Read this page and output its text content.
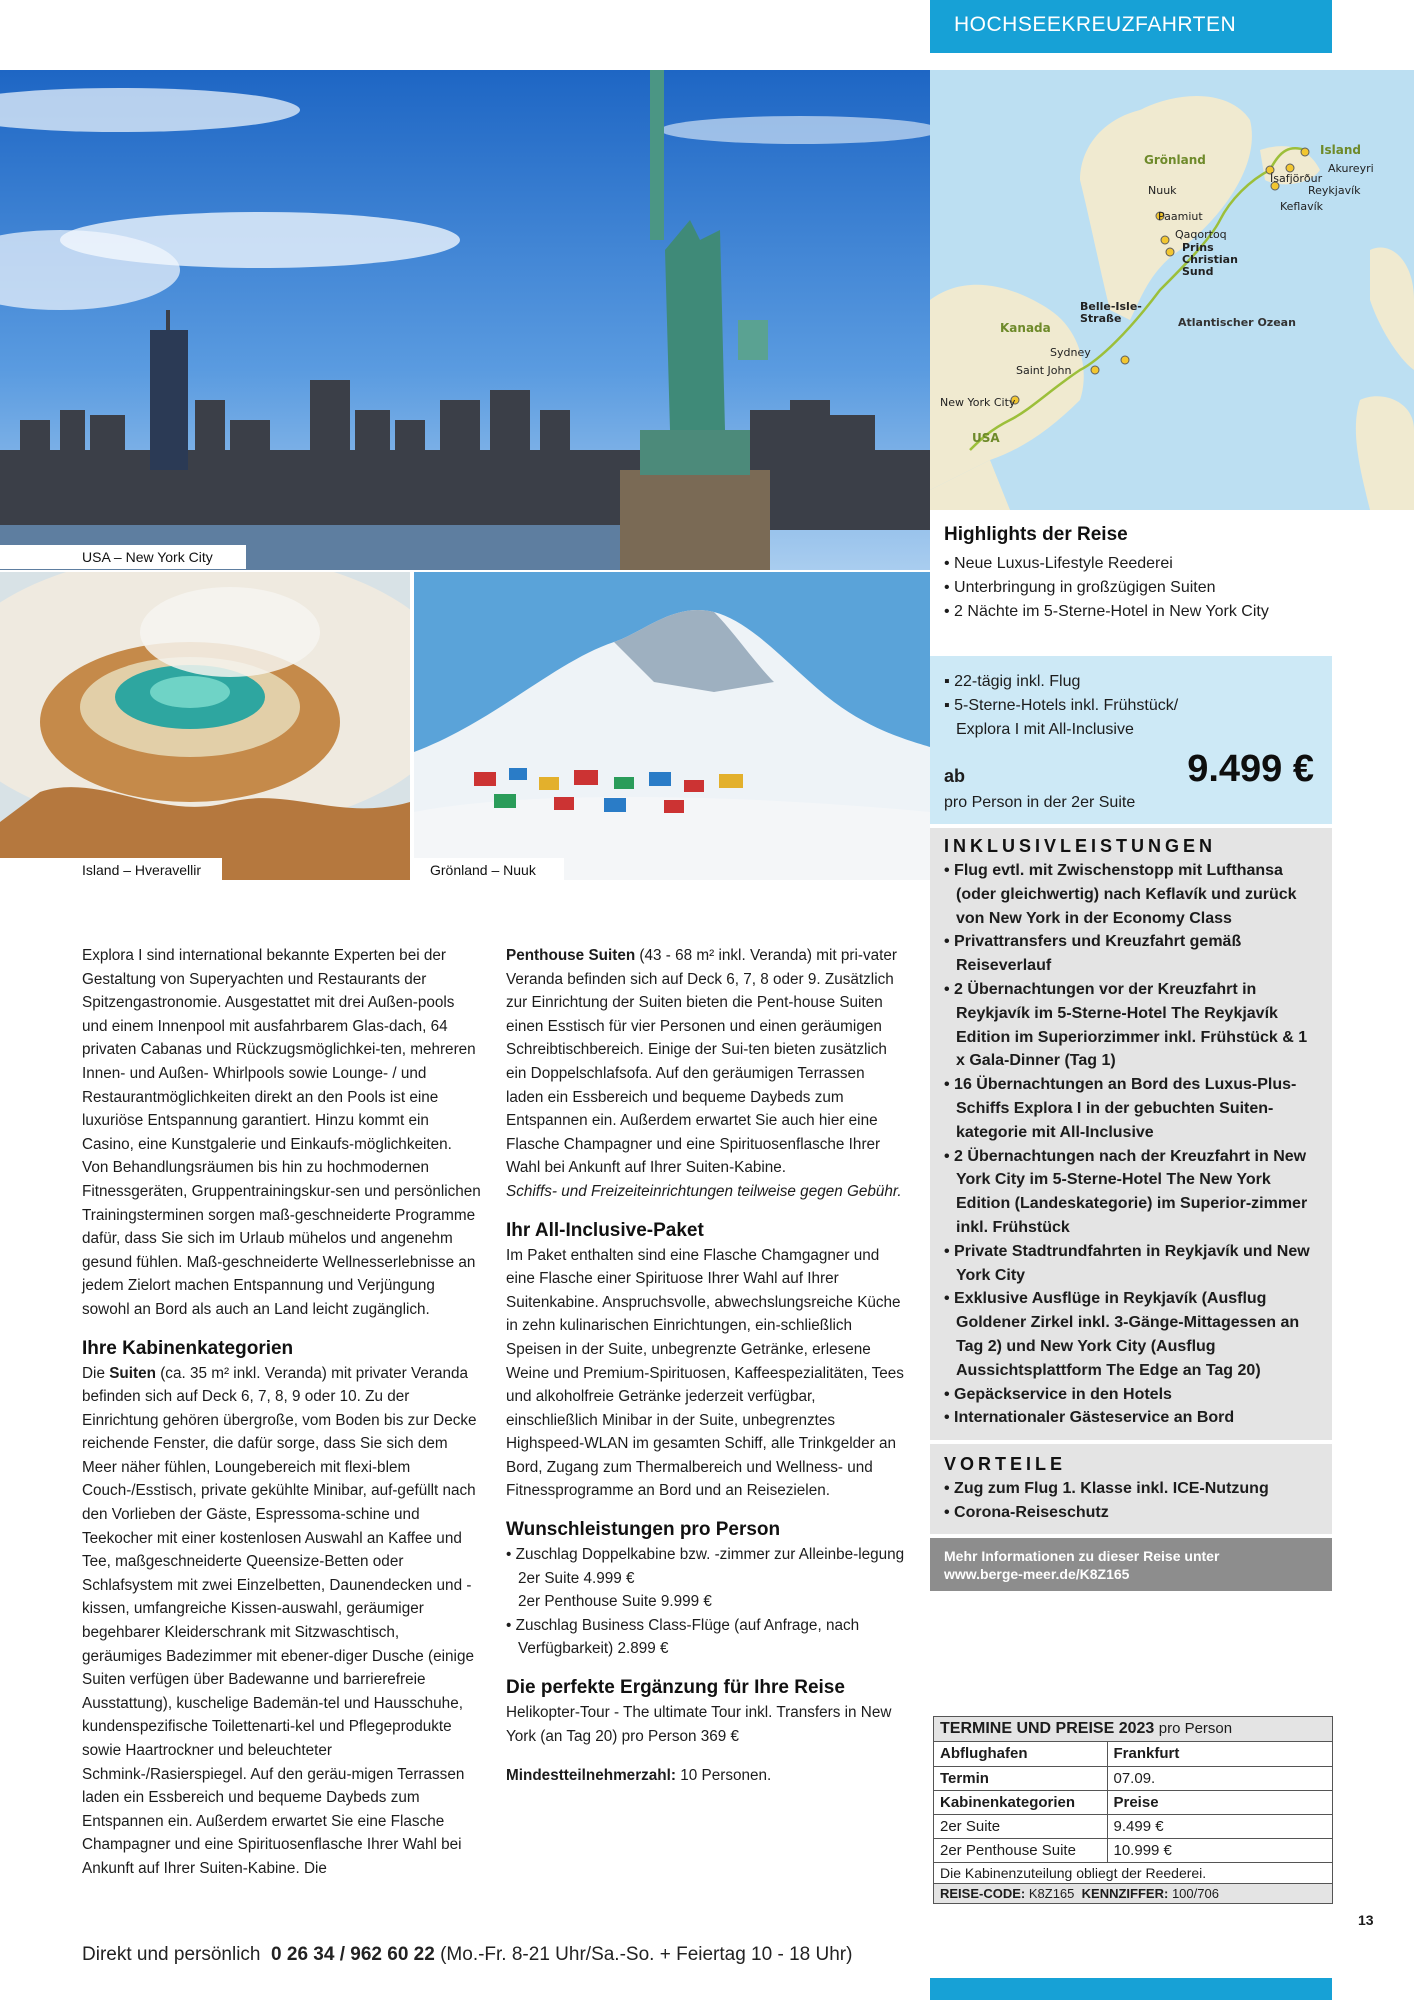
HOCHSEEKREUZFAHRTEN
USA – New York City
Grönland
Island
Akureyri
Ísafjörður
Reykjavík
Keflavík
Nuuk
Paamiut
Qaqortoq
Prins
Christian
Sund
Belle-Isle-
Straße
Kanada	Atlantischer Ozean
Sydney
Saint John
New York City
USA
Island – Hveravellir	Grönland – Nuuk
Highlights der Reise
• Neue Luxus-Lifestyle Reederei
• Unterbringung in großzügigen Suiten
• 2 Nächte im 5-Sterne-Hotel in New York City
▪ 22-tägig inkl. Flug
▪ 5-Sterne-Hotels inkl. Frühstück/
Explora I mit All-Inclusive
ab	9.499 €
pro Person in der 2er Suite
INKLUSIVLEISTUNGEN
• Flug evtl. mit Zwischenstopp mit Lufthansa (oder gleichwertig) nach Keflavík und zurück von New York in der Economy Class
• Privattransfers und Kreuzfahrt gemäß Reiseverlauf
• 2 Übernachtungen vor der Kreuzfahrt in Reykjavík im 5-Sterne-Hotel The Reykjavík Edition im Superiorzimmer inkl. Frühstück & 1 x Gala-Dinner (Tag 1)
• 16 Übernachtungen an Bord des Luxus-Plus-Schiffs Explora I in der gebuchten Suiten-kategorie mit All-Inclusive
• 2 Übernachtungen nach der Kreuzfahrt in New York City im 5-Sterne-Hotel The New York Edition (Landeskategorie) im Superior-zimmer inkl. Frühstück
• Private Stadtrundfahrten in Reykjavík und New York City
• Exklusive Ausflüge in Reykjavík (Ausflug Goldener Zirkel inkl. 3-Gänge-Mittagessen an Tag 2) und New York City (Ausflug Aussichtsplattform The Edge an Tag 20)
• Gepäckservice in den Hotels
• Internationaler Gästeservice an Bord
VORTEILE
• Zug zum Flug 1. Klasse inkl. ICE-Nutzung
• Corona-Reiseschutz
Mehr Informationen zu dieser Reise unter
www.berge-meer.de/K8Z165

Explora I sind international bekannte Experten bei der Gestaltung von Superyachten und Restaurants der Spitzengastronomie. Ausgestattet mit drei Außen-pools und einem Innenpool mit ausfahrbarem Glas-dach, 64 privaten Cabanas und Rückzugsmöglichkei-ten, mehreren Innen- und Außen- Whirlpools sowie Lounge- / und Restaurantmöglichkeiten direkt an den Pools ist eine luxuriöse Entspannung garantiert. Hinzu kommt ein Casino, eine Kunstgalerie und Einkaufs-möglichkeiten. Von Behandlungsräumen bis hin zu hochmodernen Fitnessgeräten, Gruppentrainingskur-sen und persönlichen Trainingsterminen sorgen maß-geschneiderte Programme dafür, dass Sie sich im Urlaub mühelos und angenehm gesund fühlen. Maß-geschneiderte Wellnesserlebnisse an jedem Zielort machen Entspannung und Verjüngung sowohl an Bord als auch an Land leicht zugänglich.

Ihre Kabinenkategorien

Die Suiten (ca. 35 m² inkl. Veranda) mit privater Veranda befinden sich auf Deck 6, 7, 8, 9 oder 10. Zu der Einrichtung gehören übergroße, vom Boden bis zur Decke reichende Fenster, die dafür sorge, dass Sie sich dem Meer näher fühlen, Loungebereich mit flexi-blem Couch-/Esstisch, private gekühlte Minibar, auf-gefüllt nach den Vorlieben der Gäste, Espressoma-schine und Teekocher mit einer kostenlosen Auswahl an Kaffee und Tee, maßgeschneiderte Queensize-Betten oder Schlafsystem mit zwei Einzelbetten, Daunendecken und -kissen, umfangreiche Kissen-auswahl, geräumiger begehbarer Kleiderschrank mit Sitzwaschtisch, geräumiges Badezimmer mit ebener-diger Dusche (einige Suiten verfügen über Badewanne und barrierefreie Ausstattung), kuschelige Bademän-tel und Hausschuhe, kundenspezifische Toilettenarti-kel und Pflegeprodukte sowie Haartrockner und beleuchteter Schmink-/Rasierspiegel. Auf den geräu-migen Terrassen laden ein Essbereich und bequeme Daybeds zum Entspannen ein. Außerdem erwartet Sie eine Flasche Champagner und eine Spirituosenflasche Ihrer Wahl bei Ankunft auf Ihrer Suiten-Kabine. Die

Penthouse Suiten (43 - 68 m² inkl. Veranda) mit pri-vater Veranda befinden sich auf Deck 6, 7, 8 oder 9. Zusätzlich zur Einrichtung der Suiten bieten die Pent-house Suiten einen Esstisch für vier Personen und einen geräumigen Schreibtischbereich. Einige der Sui-ten bieten zusätzlich ein Doppelschlafsofa. Auf den geräumigen Terrassen laden ein Essbereich und bequeme Daybeds zum Entspannen ein. Außerdem erwartet Sie auch hier eine Flasche Champagner und eine Spirituosenflasche Ihrer Wahl bei Ankunft auf Ihrer Suiten-Kabine.

Schiffs- und Freizeiteinrichtungen teilweise gegen Gebühr.

Ihr All-Inclusive-Paket

Im Paket enthalten sind eine Flasche Chamgagner und eine Flasche einer Spirituose Ihrer Wahl auf Ihrer Suitenkabine. Anspruchsvolle, abwechslungsreiche Küche in zehn kulinarischen Einrichtungen, ein-schließlich Speisen in der Suite, unbegrenzte Getränke, erlesene Weine und Premium-Spirituosen, Kaffeespezialitäten, Tees und alkoholfreie Getränke jederzeit verfügbar, einschließlich Minibar in der Suite, unbegrenztes Highspeed-WLAN im gesamten Schiff, alle Trinkgelder an Bord, Zugang zum Thermalbereich und Wellness- und Fitnessprogramme an Bord und an Reisezielen.

Wunschleistungen pro Person
• Zuschlag Doppelkabine bzw. -zimmer zur Alleinbe-legung

2er Suite 4.999 €

2er Penthouse Suite 9.999 €

• Zuschlag Business Class-Flüge (auf Anfrage, nach Verfügbarkeit) 2.899 €
Die perfekte Ergänzung für Ihre Reise

Helikopter-Tour - The ultimate Tour inkl. Transfers in New York (an Tag 20) pro Person 369 €

Mindestteilnehmerzahl: 10 Personen.

TERMINE UND PREISE 2023 pro Person
Abflughafen	Frankfurt
Termin	07.09.
Kabinenkategorien	Preise
2er Suite	9.499 €
2er Penthouse Suite	10.999 €
Die Kabinenzuteilung obliegt der Reederei.
REISE-CODE: K8Z165 KENNZIFFER: 100/706
13
Direkt und persönlich 0 26 34 / 962 60 22 (Mo.-Fr. 8-21 Uhr/Sa.-So. + Feiertag 10 - 18 Uhr)
